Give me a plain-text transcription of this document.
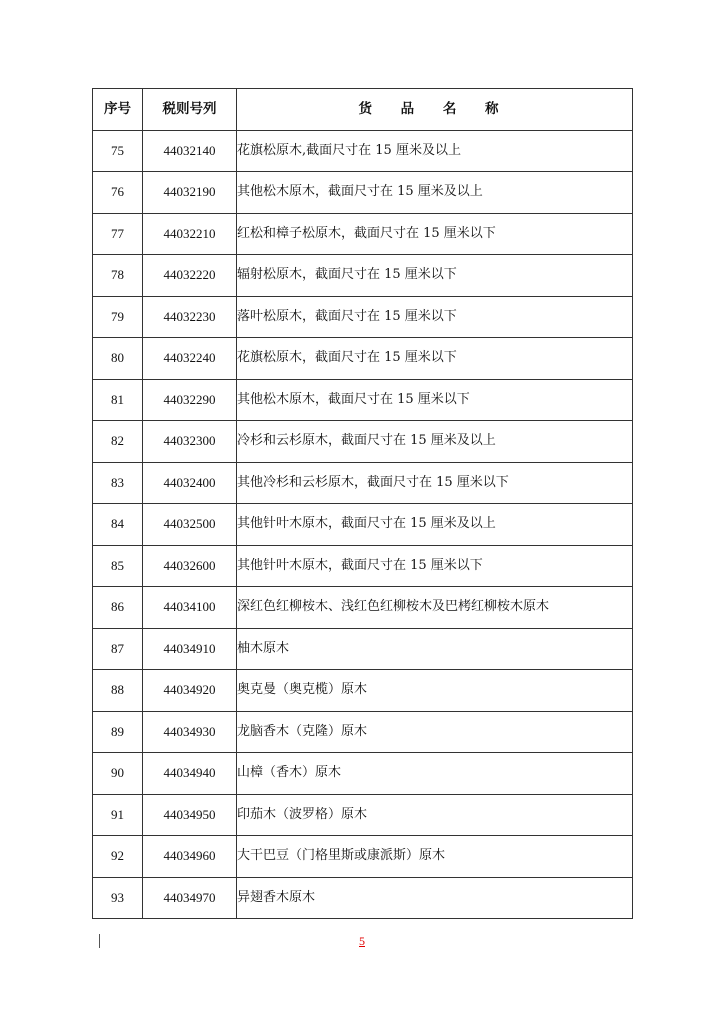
序号	税则号列	货 品 名 称
75	44032140	花旗松原木,截面尺寸在 15 厘米及以上
76	44032190	其他松木原木，截面尺寸在 15 厘米及以上
77	44032210	红松和樟子松原木，截面尺寸在 15 厘米以下
78	44032220	辐射松原木，截面尺寸在 15 厘米以下
79	44032230	落叶松原木，截面尺寸在 15 厘米以下
80	44032240	花旗松原木，截面尺寸在 15 厘米以下
81	44032290	其他松木原木，截面尺寸在 15 厘米以下
82	44032300	冷杉和云杉原木，截面尺寸在 15 厘米及以上
83	44032400	其他冷杉和云杉原木，截面尺寸在 15 厘米以下
84	44032500	其他针叶木原木，截面尺寸在 15 厘米及以上
85	44032600	其他针叶木原木，截面尺寸在 15 厘米以下
86	44034100	深红色红柳桉木、浅红色红柳桉木及巴栲红柳桉木原木
87	44034910	柚木原木
88	44034920	奥克曼（奥克榄）原木
89	44034930	龙脑香木（克隆）原木
90	44034940	山樟（香木）原木
91	44034950	印茄木（波罗格）原木
92	44034960	大干巴豆（门格里斯或康派斯）原木
93	44034970	异翅香木原木
5
